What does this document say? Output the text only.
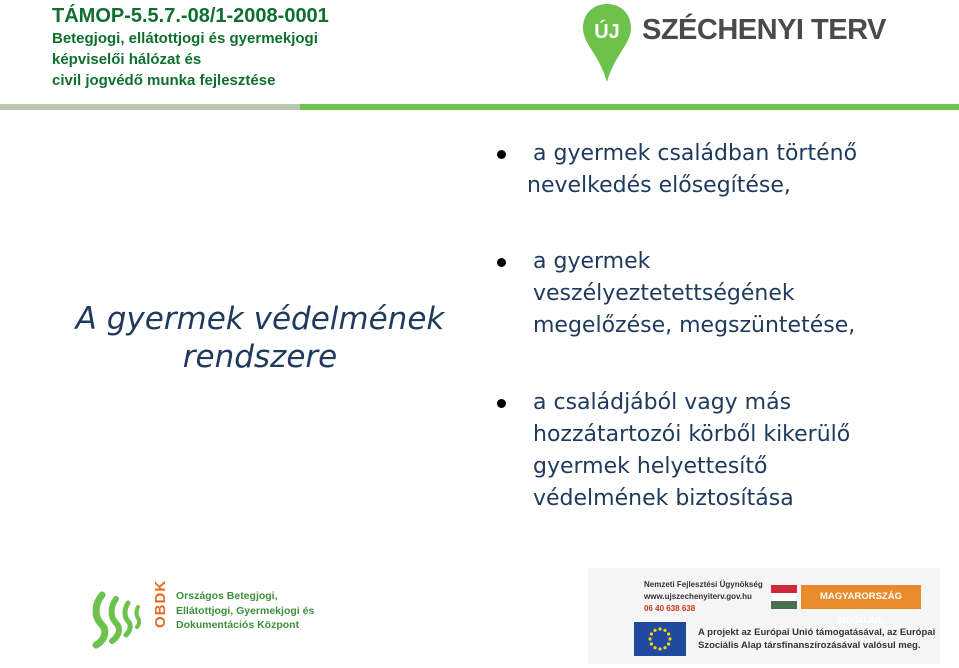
TÁMOP-5.5.7.-08/1-2008-0001
Betegjogi, ellátottjogi és gyermekjogi
képviselői hálózat és
civil jogvédő munka fejlesztése
ÚJ SZÉCHENYI TERV
A gyermek védelmének
rendszere
a gyermek családban történő
nevelkedés elősegítése,
a gyermek
veszélyeztetettségének
megelőzése, megszüntetése,
a családjából vagy más
hozzátartozói körből kikerülő
gyermek helyettesítő
védelmének biztosítása
OBDK Országos Betegjogi,
Ellátottjogi, Gyermekjogi és
Dokumentációs Központ
Nemzeti Fejlesztési Ügynökség
www.ujszechenyiterv.gov.hu
06 40 638 638
MAGYARORSZÁG MEGÚJUL
A projekt az Európai Unió támogatásával, az Európai
Szociális Alap társfinanszírozásával valósul meg.
